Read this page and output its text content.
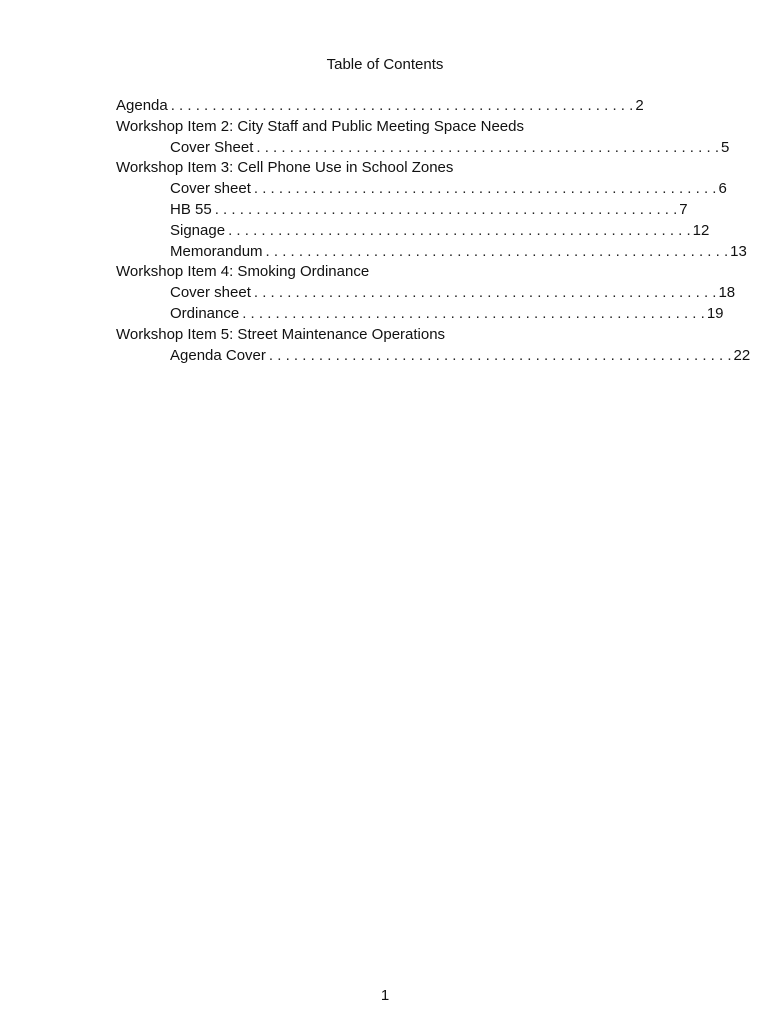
Table of Contents
Agenda . . . . . . . . . . . . . . . . . . . . . . . . . . . . . . . . . . . . . . . . . . . . . . . . . . . . . . . . 2
Workshop Item 2: City Staff and Public Meeting Space Needs
Cover Sheet . . . . . . . . . . . . . . . . . . . . . . . . . . . . . . . . . . . . . . . . . . . . . . . . . . . . . . . . 5
Workshop Item 3: Cell Phone Use in School Zones
Cover sheet . . . . . . . . . . . . . . . . . . . . . . . . . . . . . . . . . . . . . . . . . . . . . . . . . . . . . . . . 6
HB 55 . . . . . . . . . . . . . . . . . . . . . . . . . . . . . . . . . . . . . . . . . . . . . . . . . . . . . . . . 7
Signage . . . . . . . . . . . . . . . . . . . . . . . . . . . . . . . . . . . . . . . . . . . . . . . . . . . . . . . . 12
Memorandum . . . . . . . . . . . . . . . . . . . . . . . . . . . . . . . . . . . . . . . . . . . . . . . . . . . . . . . . 13
Workshop Item 4: Smoking Ordinance
Cover sheet . . . . . . . . . . . . . . . . . . . . . . . . . . . . . . . . . . . . . . . . . . . . . . . . . . . . . . . . 18
Ordinance . . . . . . . . . . . . . . . . . . . . . . . . . . . . . . . . . . . . . . . . . . . . . . . . . . . . . . . . 19
Workshop Item 5: Street Maintenance Operations
Agenda Cover . . . . . . . . . . . . . . . . . . . . . . . . . . . . . . . . . . . . . . . . . . . . . . . . . . . . . . . . 22
1
